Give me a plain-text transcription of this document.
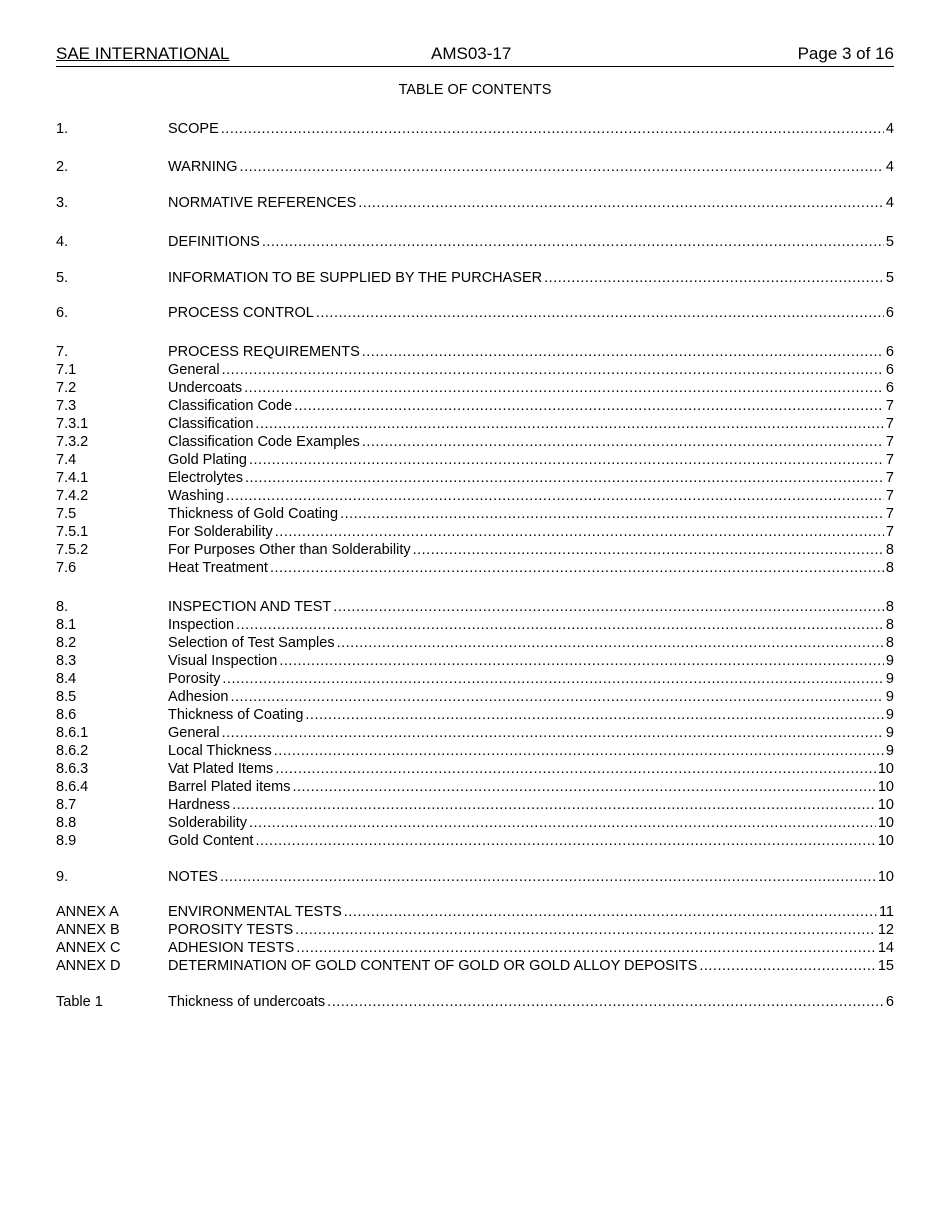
SAE INTERNATIONAL	AMS03-17	Page 3 of 16
TABLE OF CONTENTS
1.	SCOPE .....	4
2.	WARNING .....	4
3.	NORMATIVE REFERENCES .....	4
4.	DEFINITIONS .....	5
5.	INFORMATION TO BE SUPPLIED BY THE PURCHASER .....	5
6.	PROCESS CONTROL .....	6
7.	PROCESS REQUIREMENTS .....	6
7.1	General .....	6
7.2	Undercoats .....	6
7.3	Classification Code .....	7
7.3.1	Classification .....	7
7.3.2	Classification Code Examples .....	7
7.4	Gold Plating .....	7
7.4.1	Electrolytes .....	7
7.4.2	Washing .....	7
7.5	Thickness of Gold Coating .....	7
7.5.1	For Solderability .....	7
7.5.2	For Purposes Other than Solderability .....	8
7.6	Heat Treatment .....	8
8.	INSPECTION AND TEST .....	8
8.1	Inspection .....	8
8.2	Selection of Test Samples .....	8
8.3	Visual Inspection .....	9
8.4	Porosity .....	9
8.5	Adhesion .....	9
8.6	Thickness of Coating .....	9
8.6.1	General .....	9
8.6.2	Local Thickness .....	9
8.6.3	Vat Plated Items .....	10
8.6.4	Barrel Plated items .....	10
8.7	Hardness .....	10
8.8	Solderability .....	10
8.9	Gold Content .....	10
9.	NOTES .....	10
ANNEX A	ENVIRONMENTAL TESTS .....	11
ANNEX B	POROSITY TESTS .....	12
ANNEX C	ADHESION TESTS .....	14
ANNEX D	DETERMINATION OF GOLD CONTENT OF GOLD OR GOLD ALLOY DEPOSITS .....	15
Table 1	Thickness of undercoats .....	6
